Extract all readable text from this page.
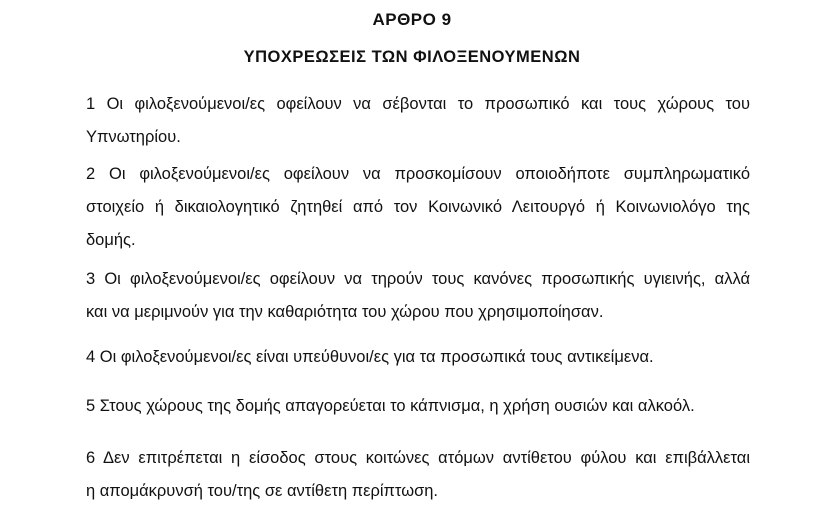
ΑΡΘΡΟ 9
ΥΠΟΧΡΕΩΣΕΙΣ ΤΩΝ ΦΙΛΟΞΕΝΟΥΜΕΝΩΝ
1 Οι φιλοξενούμενοι/ες οφείλουν να σέβονται το προσωπικό και τους χώρους του
Υπνωτηρίου.
2 Οι φιλοξενούμενοι/ες οφείλουν να προσκομίσουν οποιοδήποτε συμπληρωματικό
στοιχείο ή δικαιολογητικό ζητηθεί από τον Κοινωνικό Λειτουργό ή Κοινωνιολόγο της
δομής.
3 Οι φιλοξενούμενοι/ες οφείλουν να τηρούν τους κανόνες προσωπικής υγιεινής, αλλά
και να μεριμνούν για την καθαριότητα του χώρου που χρησιμοποίησαν.
4 Οι φιλοξενούμενοι/ες είναι υπεύθυνοι/ες για τα προσωπικά τους αντικείμενα.
5 Στους χώρους της δομής απαγορεύεται το κάπνισμα, η χρήση ουσιών και αλκοόλ.
6 Δεν επιτρέπεται η είσοδος στους κοιτώνες ατόμων αντίθετου φύλου και επιβάλλεται
η απομάκρυνσή του/της σε αντίθετη περίπτωση.
